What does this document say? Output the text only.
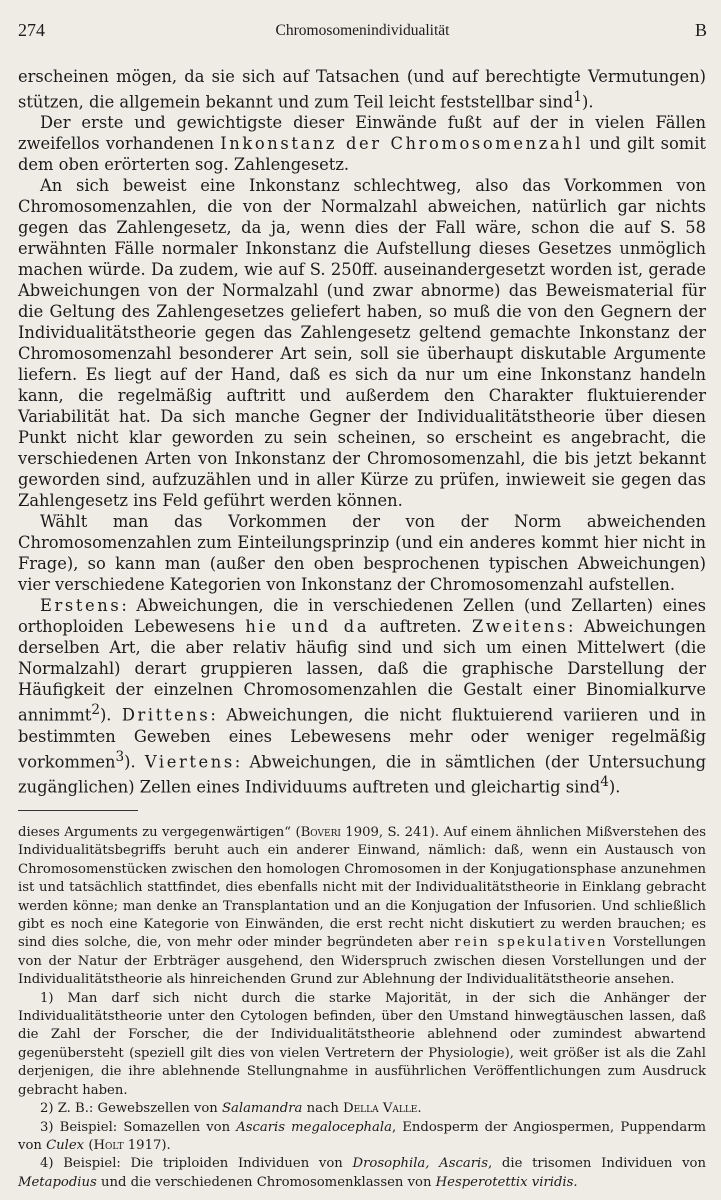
274	Chromosomenindividualität	B

erscheinen mögen, da sie sich auf Tatsachen (und auf berechtigte Vermutungen) stützen, die allgemein bekannt und zum Teil leicht feststellbar sind$^1$).

Der erste und gewichtigste dieser Einwände fußt auf der in vielen Fällen zweifellos vorhandenen Inkonstanz der Chromosomenzahl und gilt somit dem oben erörterten sog. Zahlengesetz.

An sich beweist eine Inkonstanz schlechtweg, also das Vorkommen von Chromosomenzahlen, die von der Normalzahl abweichen, natürlich gar nichts gegen das Zahlengesetz, da ja, wenn dies der Fall wäre, schon die auf S. 58 erwähnten Fälle normaler Inkonstanz die Aufstellung dieses Gesetzes unmöglich machen würde. Da zudem, wie auf S. 250ff. auseinandergesetzt worden ist, gerade Abweichungen von der Normalzahl (und zwar abnorme) das Beweismaterial für die Geltung des Zahlengesetzes geliefert haben, so muß die von den Gegnern der Individualitätstheorie gegen das Zahlengesetz geltend gemachte Inkonstanz der Chromosomenzahl besonderer Art sein, soll sie überhaupt diskutable Argumente liefern. Es liegt auf der Hand, daß es sich da nur um eine Inkonstanz handeln kann, die regelmäßig auftritt und außerdem den Charakter fluktuierender Variabilität hat. Da sich manche Gegner der Individualitätstheorie über diesen Punkt nicht klar geworden zu sein scheinen, so erscheint es angebracht, die verschiedenen Arten von Inkonstanz der Chromosomenzahl, die bis jetzt bekannt geworden sind, aufzuzählen und in aller Kürze zu prüfen, inwieweit sie gegen das Zahlengesetz ins Feld geführt werden können.

Wählt man das Vorkommen der von der Norm abweichenden Chromosomenzahlen zum Einteilungsprinzip (und ein anderes kommt hier nicht in Frage), so kann man (außer den oben besprochenen typischen Abweichungen) vier verschiedene Kategorien von Inkonstanz der Chromosomenzahl aufstellen.

Erstens: Abweichungen, die in verschiedenen Zellen (und Zellarten) eines orthoploiden Lebewesens hie und da auftreten. Zweitens: Abweichungen derselben Art, die aber relativ häufig sind und sich um einen Mittelwert (die Normalzahl) derart gruppieren lassen, daß die graphische Darstellung der Häufigkeit der einzelnen Chromosomenzahlen die Gestalt einer Binomialkurve annimmt$^2$). Drittens: Abweichungen, die nicht fluktuierend variieren und in bestimmten Geweben eines Lebewesens mehr oder weniger regelmäßig vorkommen$^3$). Viertens: Abweichungen, die in sämtlichen (der Untersuchung zugänglichen) Zellen eines Individuums auftreten und gleichartig sind$^4$).

dieses Arguments zu vergegenwärtigen“ (Boveri 1909, S. 241). Auf einem ähnlichen Mißverstehen des Individualitätsbegriffs beruht auch ein anderer Einwand, nämlich: daß, wenn ein Austausch von Chromosomenstücken zwischen den homologen Chromosomen in der Konjugationsphase anzunehmen ist und tatsächlich stattfindet, dies ebenfalls nicht mit der Individualitätstheorie in Einklang gebracht werden könne; man denke an Transplantation und an die Konjugation der Infusorien. Und schließlich gibt es noch eine Kategorie von Einwänden, die erst recht nicht diskutiert zu werden brauchen; es sind dies solche, die, von mehr oder minder begründeten aber rein spekulativen Vorstellungen von der Natur der Erbträger ausgehend, den Widerspruch zwischen diesen Vorstellungen und der Individualitätstheorie als hinreichenden Grund zur Ablehnung der Individualitätstheorie ansehen.

1) Man darf sich nicht durch die starke Majorität, in der sich die Anhänger der Individualitätstheorie unter den Cytologen befinden, über den Umstand hinwegtäuschen lassen, daß die Zahl der Forscher, die der Individualitätstheorie ablehnend oder zumindest abwartend gegenübersteht (speziell gilt dies von vielen Vertretern der Physiologie), weit größer ist als die Zahl derjenigen, die ihre ablehnende Stellungnahme in ausführlichen Veröffentlichungen zum Ausdruck gebracht haben.

2) Z. B.: Gewebszellen von Salamandra nach Della Valle.

3) Beispiel: Somazellen von Ascaris megalocephala, Endosperm der Angiospermen, Puppendarm von Culex (Holt 1917).

4) Beispiel: Die triploiden Individuen von Drosophila, Ascaris, die trisomen Individuen von Metapodius und die verschiedenen Chromosomenklassen von Hesperotettix viridis.
